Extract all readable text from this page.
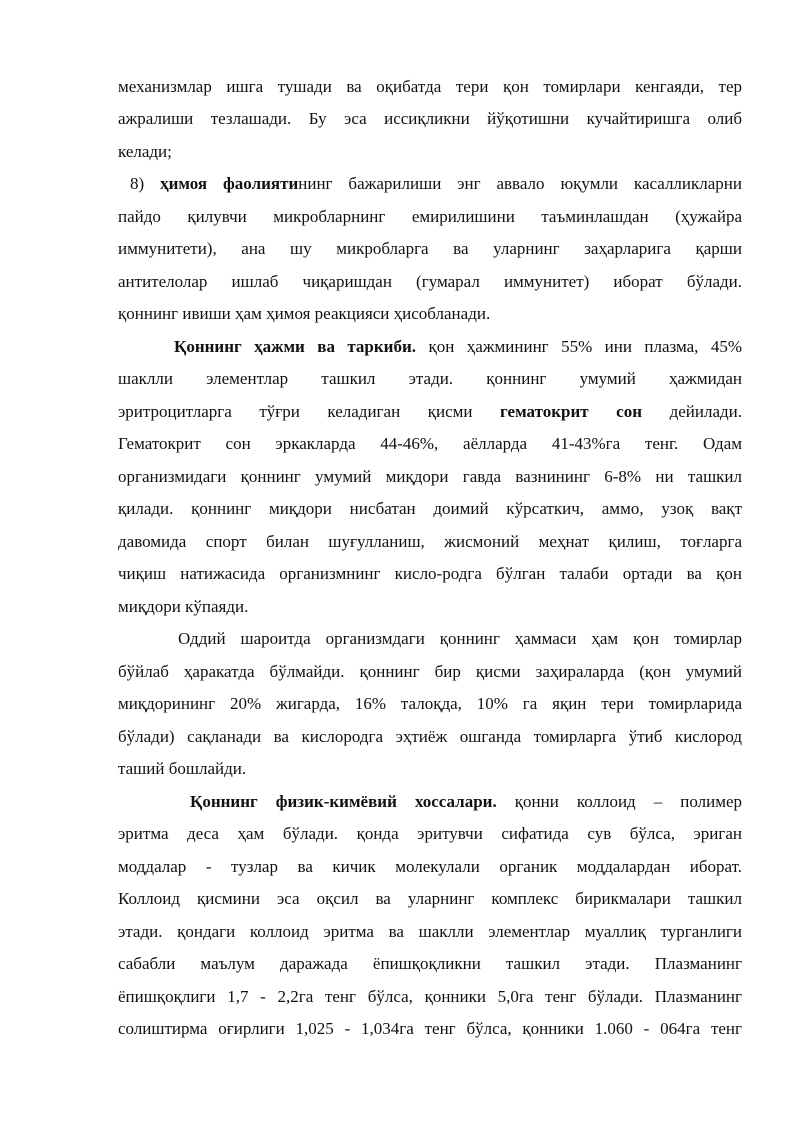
механизмлар ишга тушади ва оқибатда тери қон томирлари кенгаяди, тер
ажралиши тезлашади. Бу эса иссиқликни йўқотишни кучайтиришга олиб
келади;
8) ҳимоя фаолиятининг бажарилиши энг аввало юқумли касалликларни
пайдо қилувчи микробларнинг емирилишини таъминлашдан (ҳужайра
иммунитети), ана шу микробларга ва уларнинг заҳарларига қарши
антителолар ишлаб чиқаришдан (гумарал иммунитет) иборат бўлади.
қоннинг ивиши ҳам ҳимоя реакцияси ҳисобланади.
Қоннинг ҳажми ва таркиби. қон ҳажмининг 55% ини плазма, 45%
шаклли элементлар ташкил этади. қоннинг умумий ҳажмидан
эритроцитларга тўғри келадиган қисми гематокрит сон дейилади.
Гематокрит сон эркакларда 44-46%, аёлларда 41-43%га тенг. Одам
организмидаги қоннинг умумий миқдори гавда вазнининг 6-8% ни ташкил
қилади. қоннинг миқдори нисбатан доимий кўрсаткич, аммо, узоқ вақт
давомида спорт билан шуғулланиш, жисмоний меҳнат қилиш, тоғларга
чиқиш натижасида организмнинг кисло-родга бўлган талаби ортади ва қон
миқдори кўпаяди.
Оддий шароитда организмдаги қоннинг ҳаммаси ҳам қон томирлар
бўйлаб ҳаракатда бўлмайди. қоннинг бир қисми заҳираларда (қон умумий
миқдорининг 20% жигарда, 16% талоқда, 10% га яқин тери томирларида
бўлади) сақланади ва кислородга эҳтиёж ошганда томирларга ўтиб кислород
таший бошлайди.
Қоннинг физик-кимёвий хоссалари. қонни коллоид – полимер
эритма деса ҳам бўлади. қонда эритувчи сифатида сув бўлса, эриган
моддалар - тузлар ва кичик молекулали органик моддалардан иборат.
Коллоид қисмини эса оқсил ва уларнинг комплекс бирикмалари ташкил
этади. қондаги коллоид эритма ва шаклли элементлар муаллиқ турганлиги
сабабли маълум даражада ёпишқоқликни ташкил этади. Плазманинг
ёпишқоқлиги 1,7 - 2,2га тенг бўлса, қонники 5,0га тенг бўлади. Плазманинг
солиштирма оғирлиги 1,025 - 1,034га тенг бўлса, қонники 1.060 - 064га тенг
